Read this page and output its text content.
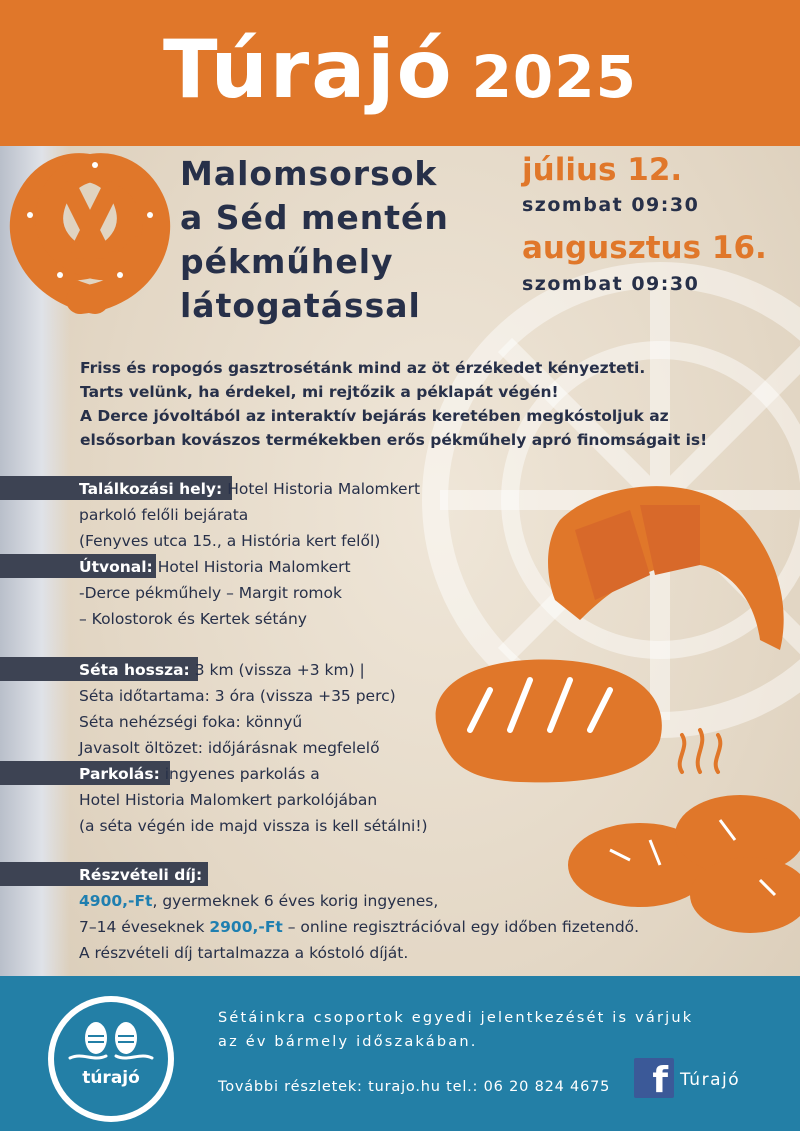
Túrajó 2025
Malomsorsok
a Séd mentén
pékműhely
látogatással
július 12.
szombat 09:30
augusztus 16.
szombat 09:30
Friss és ropogós gasztrosétánk mind az öt érzékedet kényezteti.
Tarts velünk, ha érdekel, mi rejtőzik a péklapát végén!
A Derce jóvoltából az interaktív bejárás keretében megkóstoljuk az
elsősorban kovászos termékekben erős pékműhely apró finomságait is!
Találkozási hely: Hotel Historia Malomkert
parkoló felőli bejárata
(Fenyves utca 15., a História kert felől)
Útvonal: Hotel Historia Malomkert
-Derce pékműhely – Margit romok
– Kolostorok és Kertek sétány
Séta hossza: 3 km (vissza +3 km) |
Séta időtartama: 3 óra (vissza +35 perc)
Séta nehézségi foka: könnyű
Javasolt öltözet: időjárásnak megfelelő
Parkolás: ingyenes parkolás a
Hotel Historia Malomkert parkolójában
(a séta végén ide majd vissza is kell sétálni!)
Részvételi díj:
4900,-Ft, gyermeknek 6 éves korig ingyenes,
7–14 éveseknek 2900,-Ft – online regisztrációval egy időben fizetendő.
A részvételi díj tartalmazza a kóstoló díját.
túrajó
Sétáinkra csoportok egyedi jelentkezését is várjuk
az év bármely időszakában.
További részletek: turajo.hu tel.: 06 20 824 4675	f Túrajó
